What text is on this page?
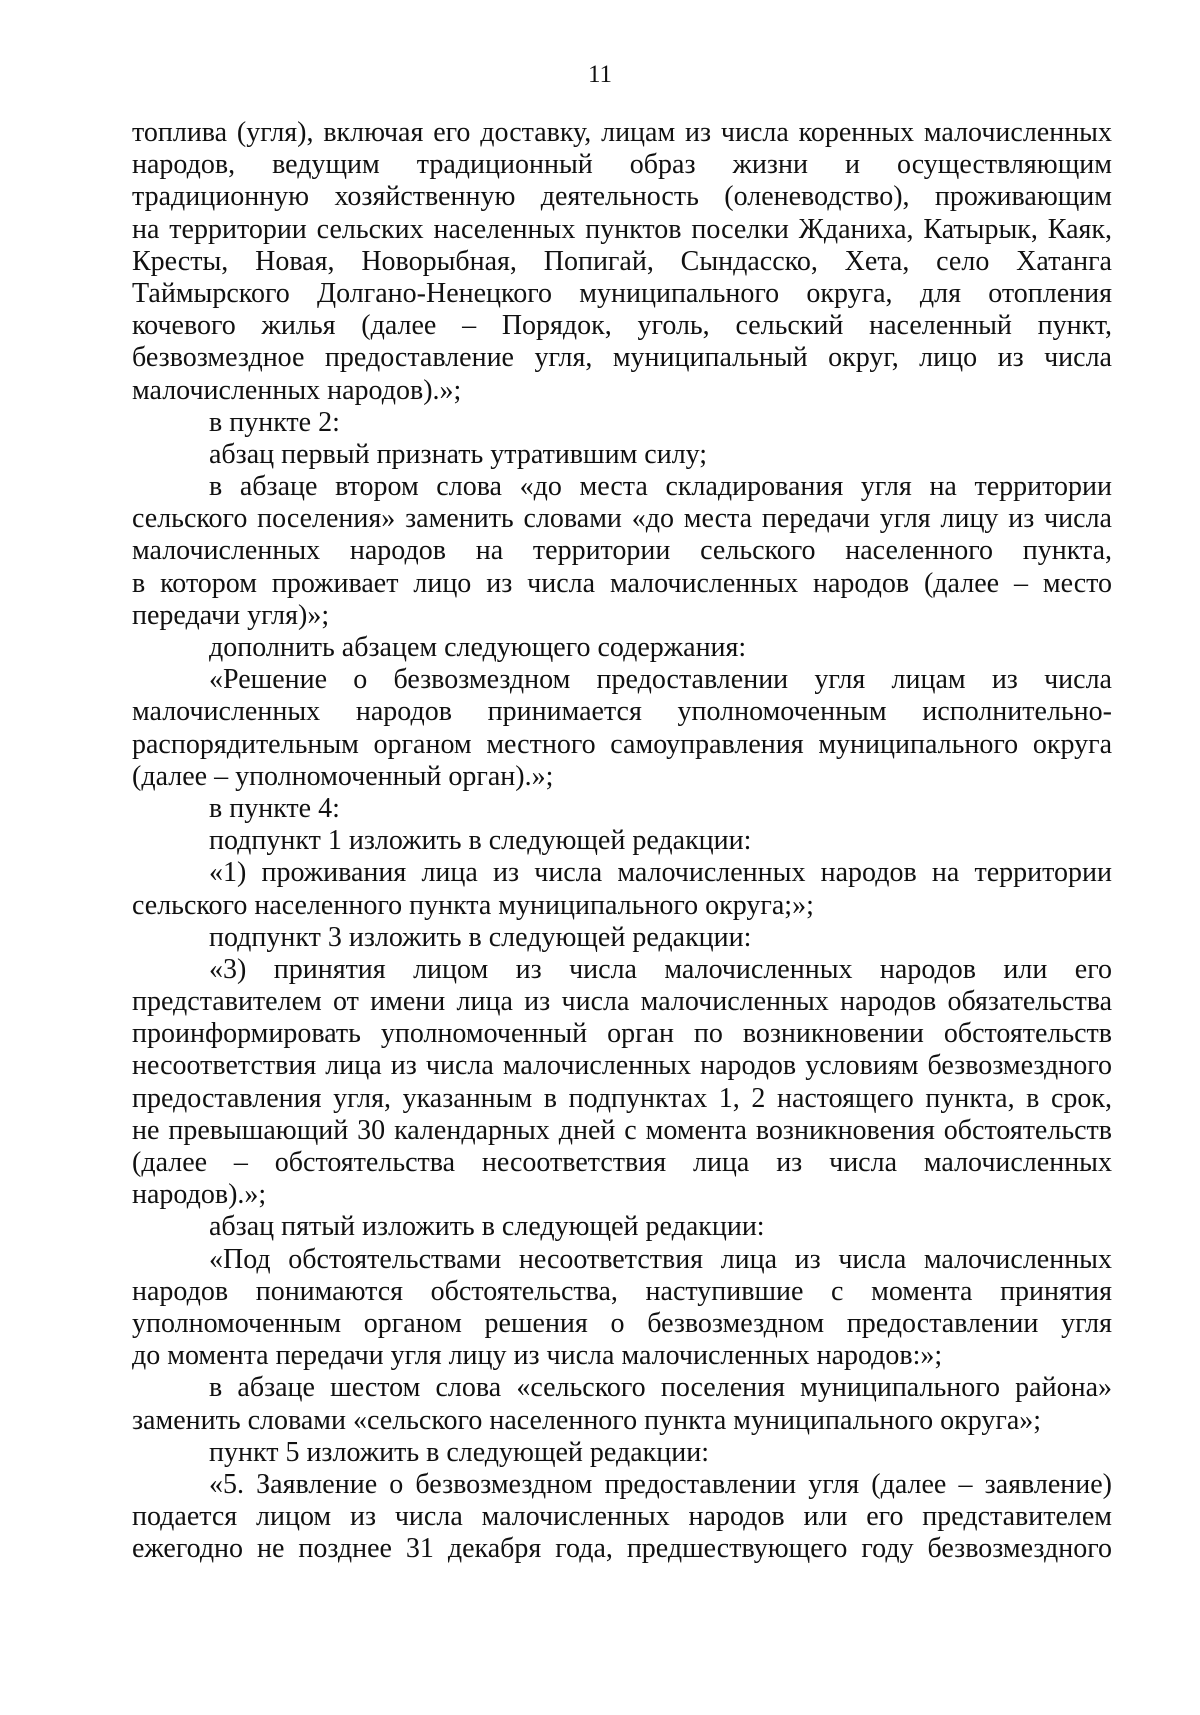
11
топлива (угля), включая его доставку, лицам из числа коренных малочисленных
народов, ведущим традиционный образ жизни и осуществляющим
традиционную хозяйственную деятельность (оленеводство), проживающим
на территории сельских населенных пунктов поселки Жданиха, Катырык, Каяк,
Кресты, Новая, Новорыбная, Попигай, Сындасско, Хета, село Хатанга
Таймырского Долгано-Ненецкого муниципального округа, для отопления
кочевого жилья (далее – Порядок, уголь, сельский населенный пункт,
безвозмездное предоставление угля, муниципальный округ, лицо из числа
малочисленных народов).»;
в пункте 2:
абзац первый признать утратившим силу;
в абзаце втором слова «до места складирования угля на территории
сельского поселения» заменить словами «до места передачи угля лицу из числа
малочисленных народов на территории сельского населенного пункта,
в котором проживает лицо из числа малочисленных народов (далее – место
передачи угля)»;
дополнить абзацем следующего содержания:
«Решение о безвозмездном предоставлении угля лицам из числа
малочисленных народов принимается уполномоченным исполнительно-
распорядительным органом местного самоуправления муниципального округа
(далее – уполномоченный орган).»;
в пункте 4:
подпункт 1 изложить в следующей редакции:
«1) проживания лица из числа малочисленных народов на территории
сельского населенного пункта муниципального округа;»;
подпункт 3 изложить в следующей редакции:
«3) принятия лицом из числа малочисленных народов или его
представителем от имени лица из числа малочисленных народов обязательства
проинформировать уполномоченный орган по возникновении обстоятельств
несоответствия лица из числа малочисленных народов условиям безвозмездного
предоставления угля, указанным в подпунктах 1, 2 настоящего пункта, в срок,
не превышающий 30 календарных дней с момента возникновения обстоятельств
(далее – обстоятельства несоответствия лица из числа малочисленных
народов).»;
абзац пятый изложить в следующей редакции:
«Под обстоятельствами несоответствия лица из числа малочисленных
народов понимаются обстоятельства, наступившие с момента принятия
уполномоченным органом решения о безвозмездном предоставлении угля
до момента передачи угля лицу из числа малочисленных народов:»;
в абзаце шестом слова «сельского поселения муниципального района»
заменить словами «сельского населенного пункта муниципального округа»;
пункт 5 изложить в следующей редакции:
«5. Заявление о безвозмездном предоставлении угля (далее – заявление)
подается лицом из числа малочисленных народов или его представителем
ежегодно не позднее 31 декабря года, предшествующего году безвозмездного
